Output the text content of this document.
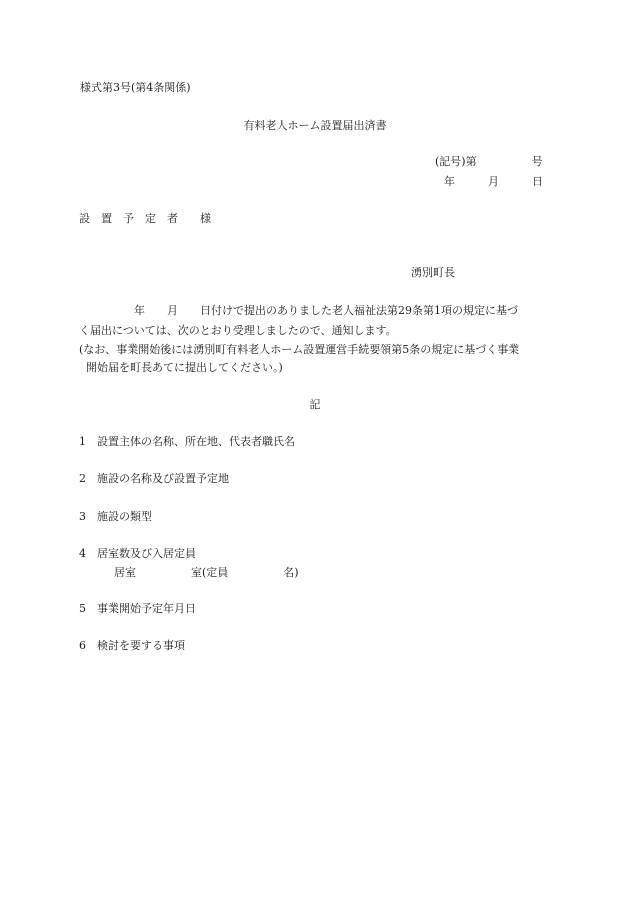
様式第3号(第4条関係)

有料老人ホーム設置届出済書

(記号)第　　　　　号

年　　　月　　　日

設　置　予　定　者　　様

湧別町長

　　　　　年　　月　　日付けで提出のありました老人福祉法第29条第1項の規定に基づ

く届出については、次のとおり受理しましたので、通知します。

(なお、事業開始後には湧別町有料老人ホーム設置運営手続要領第5条の規定に基づく事業

開始届を町長あてに提出してください。)

記

1　設置主体の名称、所在地、代表者職氏名

2　施設の名称及び設置予定地

3　施設の類型

4　居室数及び入居定員

居室　　　　　室(定員　　　　　名)

5　事業開始予定年月日

6　検討を要する事項
